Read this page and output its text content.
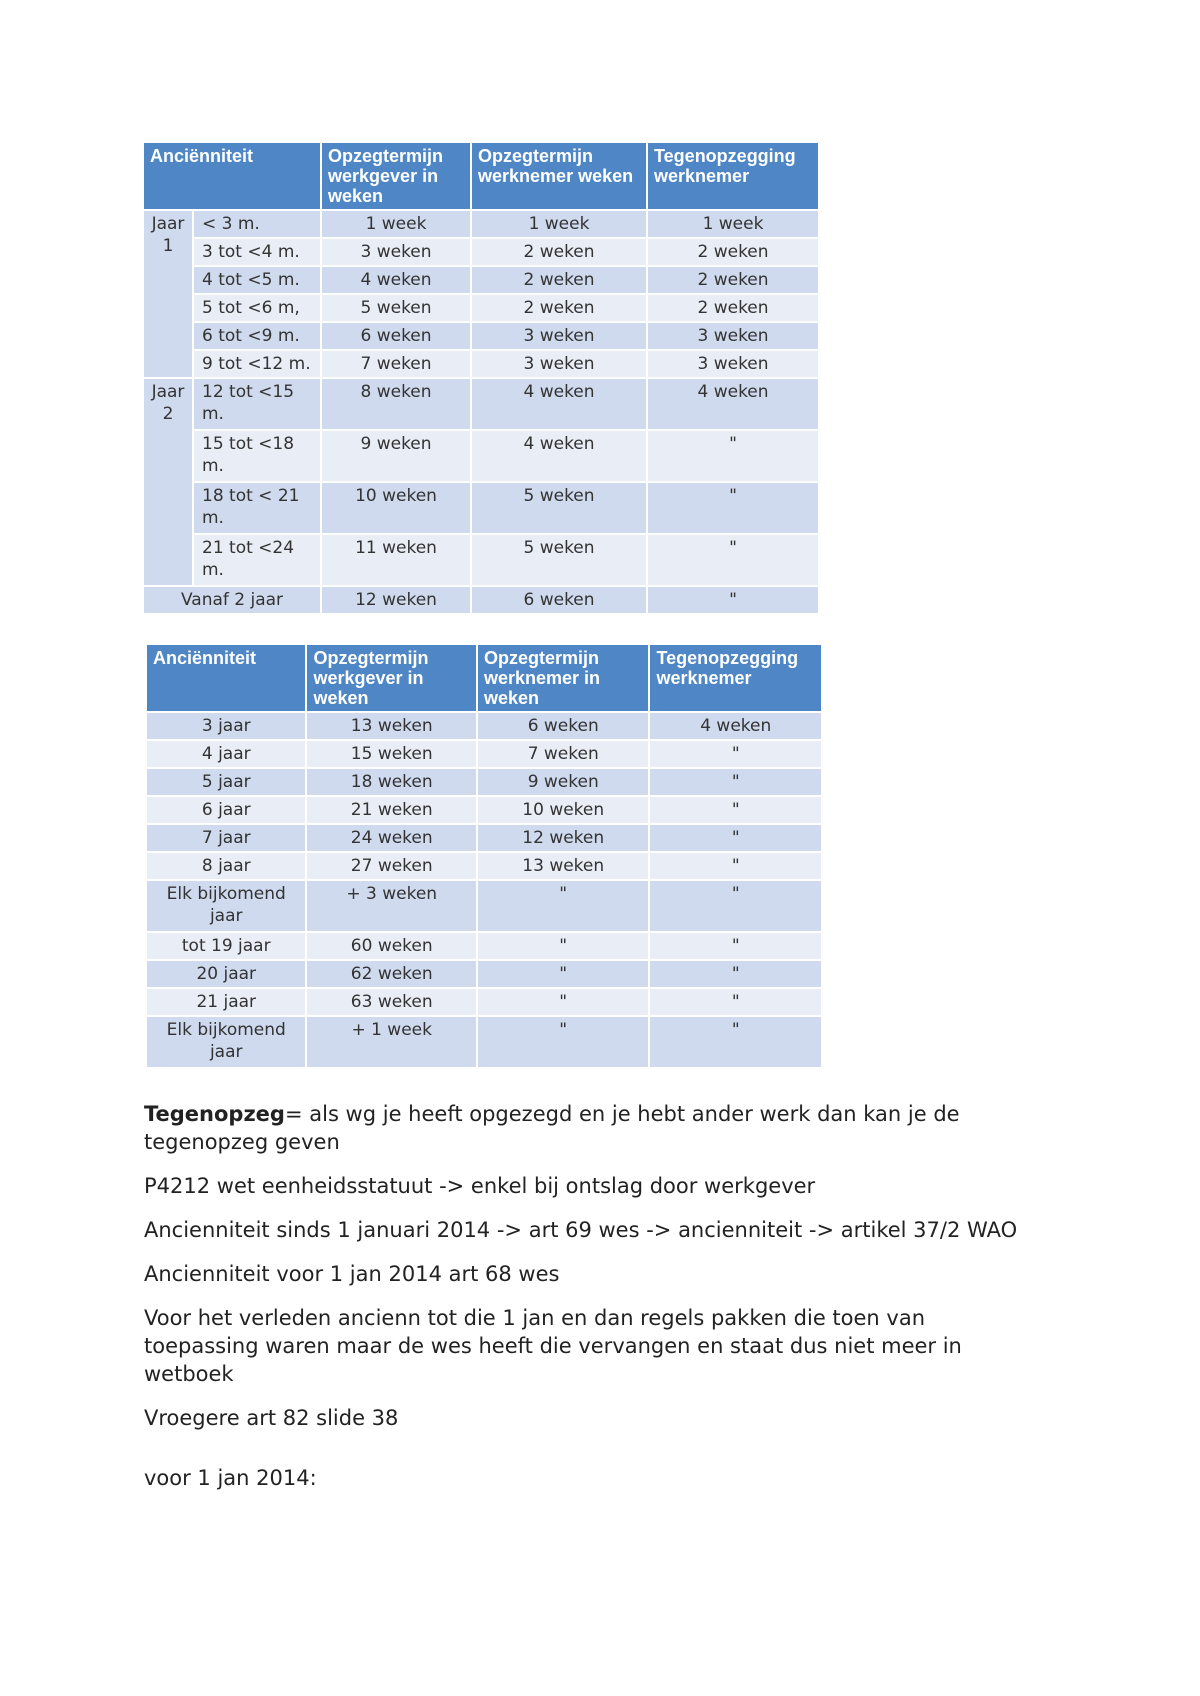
Anciënniteit		Opzegtermijn werkgever in weken	Opzegtermijn werknemer weken	Tegenopzegging werknemer
Jaar 1	< 3 m.	1 week	1 week	1 week
	3 tot <4 m.	3 weken	2 weken	2 weken
	4 tot <5 m.	4 weken	2 weken	2 weken
	5 tot <6 m,	5 weken	2 weken	2 weken
	6 tot <9 m.	6 weken	3 weken	3 weken
	9 tot <12 m.	7 weken	3 weken	3 weken
Jaar 2	12 tot <15 m.	8 weken	4 weken	4 weken
	15 tot <18 m.	9 weken	4 weken	"
	18 tot < 21 m.	10 weken	5 weken	"
	21 tot <24 m.	11 weken	5 weken	"
Vanaf 2 jaar		12 weken	6 weken	"
Anciënniteit	Opzegtermijn werkgever in weken	Opzegtermijn werknemer in weken	Tegenopzegging werknemer
3 jaar	13 weken	6 weken	4 weken
4 jaar	15 weken	7 weken	"
5 jaar	18 weken	9 weken	"
6 jaar	21 weken	10 weken	"
7 jaar	24 weken	12 weken	"
8 jaar	27 weken	13 weken	"
Elk bijkomend jaar	+ 3 weken	"	"
tot 19 jaar	60 weken	"	"
20 jaar	62 weken	"	"
21 jaar	63 weken	"	"
Elk bijkomend jaar	+ 1 week	"	"

Tegenopzeg= als wg je heeft opgezegd en je hebt ander werk dan kan je de tegenopzeg geven

P4212 wet eenheidsstatuut -> enkel bij ontslag door werkgever

Ancienniteit sinds 1 januari 2014 -> art 69 wes -> ancienniteit -> artikel 37/2 WAO

Ancienniteit voor 1 jan 2014 art 68 wes

Voor het verleden ancienn tot die 1 jan en dan regels pakken die toen van toepassing waren maar de wes heeft die vervangen en staat dus niet meer in wetboek

Vroegere art 82 slide 38

voor 1 jan 2014:
